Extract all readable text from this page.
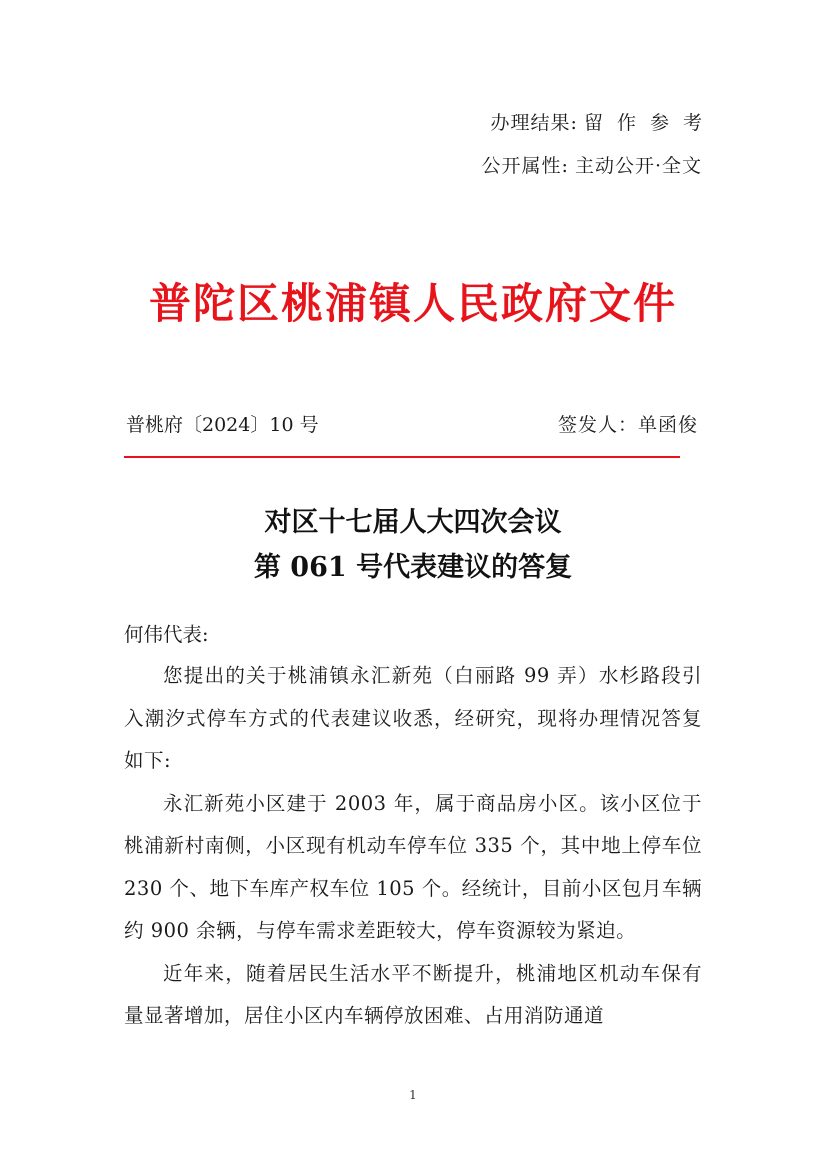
办理结果: 留作参考
公开属性: 主动公开·全文
普陀区桃浦镇人民政府文件
普桃府〔2024〕10 号	签发人：单函俊
对区十七届人大四次会议
第 061 号代表建议的答复
何伟代表:

您提出的关于桃浦镇永汇新苑（白丽路 99 弄）水杉路段引入潮汐式停车方式的代表建议收悉，经研究，现将办理情况答复如下:

永汇新苑小区建于 2003 年，属于商品房小区。该小区位于桃浦新村南侧，小区现有机动车停车位 335 个，其中地上停车位 230 个、地下车库产权车位 105 个。经统计，目前小区包月车辆约 900 余辆，与停车需求差距较大，停车资源较为紧迫。

近年来，随着居民生活水平不断提升，桃浦地区机动车保有量显著增加，居住小区内车辆停放困难、占用消防通道

1
